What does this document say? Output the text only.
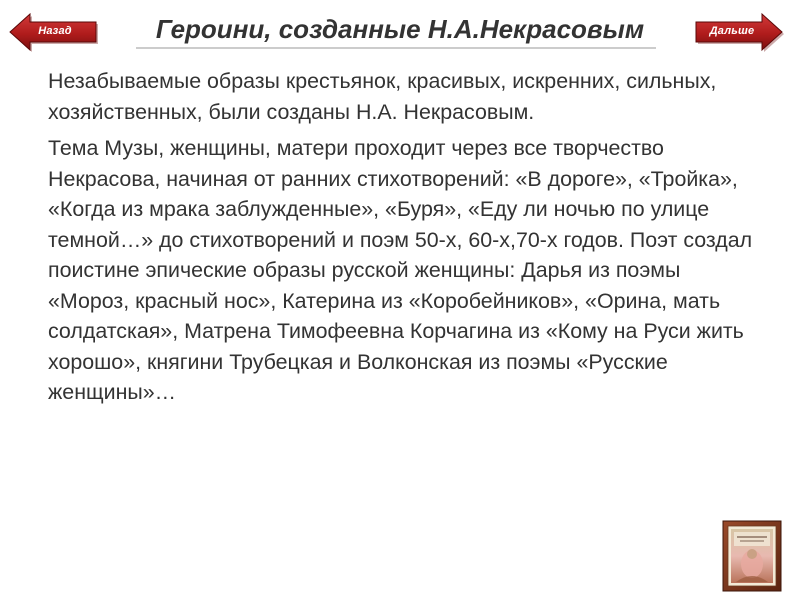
Назад	Героини, созданные Н.А.Некрасовым	Дальше

Незабываемые образы крестьянок, красивых, искренних, сильных, хозяйственных, были созданы Н.А. Некрасовым.

Тема Музы, женщины, матери проходит через все творчество Некрасова, начиная от ранних стихотворений: «В дороге», «Тройка», «Когда из мрака заблужденные», «Буря», «Еду ли ночью по улице темной…» до стихотворений и поэм 50-х, 60-х,70-х годов. Поэт создал поистине эпические образы русской женщины: Дарья из поэмы «Мороз, красный нос», Катерина из «Коробейников», «Орина, мать солдатская», Матрена Тимофеевна Корчагина из «Кому на Руси жить хорошо», княгини Трубецкая и Волконская из поэмы «Русские женщины»…
